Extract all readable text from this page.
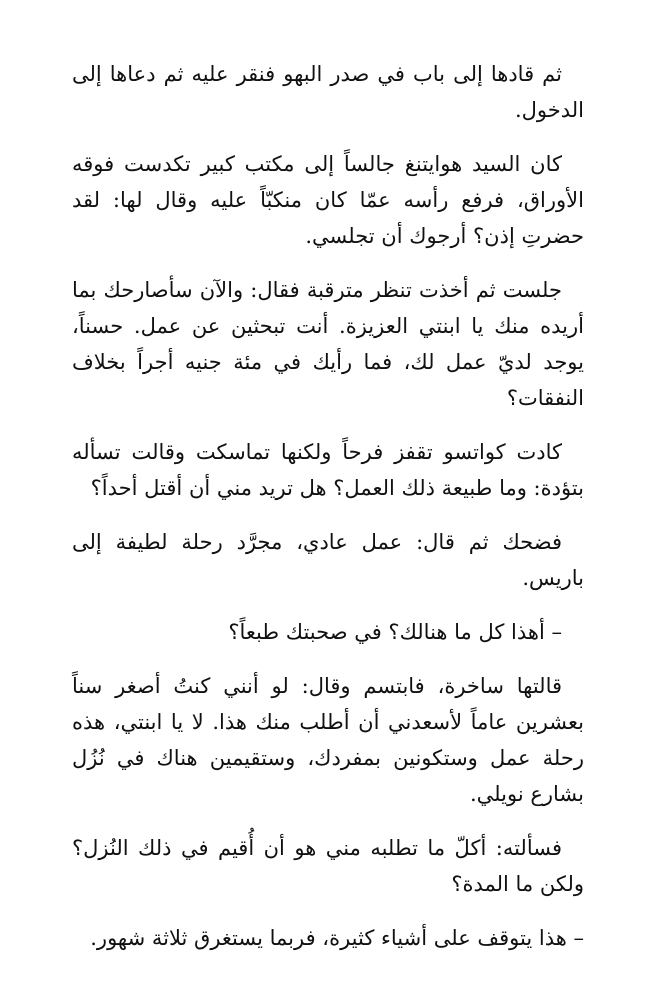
ثم قادها إلى باب في صدر البهو فنقر عليه ثم دعاها إلى الدخول.

كان السيد هوايتنغ جالساً إلى مكتب كبير تكدست فوقه الأوراق، فرفع رأسه عمّا كان منكبّاً عليه وقال لها: لقد حضرتِ إذن؟ أرجوك أن تجلسي.

جلست ثم أخذت تنظر مترقبة فقال: والآن سأصارحك بما أريده منك يا ابنتي العزيزة. أنت تبحثين عن عمل. حسناً، يوجد لديّ عمل لك، فما رأيك في مئة جنيه أجراً بخلاف النفقات؟

كادت كواتسو تقفز فرحاً ولكنها تماسكت وقالت تسأله بتؤدة: وما طبيعة ذلك العمل؟ هل تريد مني أن أقتل أحداً؟

فضحك ثم قال: عمل عادي، مجرَّد رحلة لطيفة إلى باريس.

– أهذا كل ما هنالك؟ في صحبتك طبعاً؟

قالتها ساخرة، فابتسم وقال: لو أنني كنتُ أصغر سناً بعشرين عاماً لأسعدني أن أطلب منك هذا. لا يا ابنتي، هذه رحلة عمل وستكونين بمفردك، وستقيمين هناك في نُزُل بشارع نويلي.

فسألته: أكلّ ما تطلبه مني هو أن أُقيم في ذلك النُزل؟ ولكن ما المدة؟

– هذا يتوقف على أشياء كثيرة، فربما يستغرق ثلاثة شهور.
